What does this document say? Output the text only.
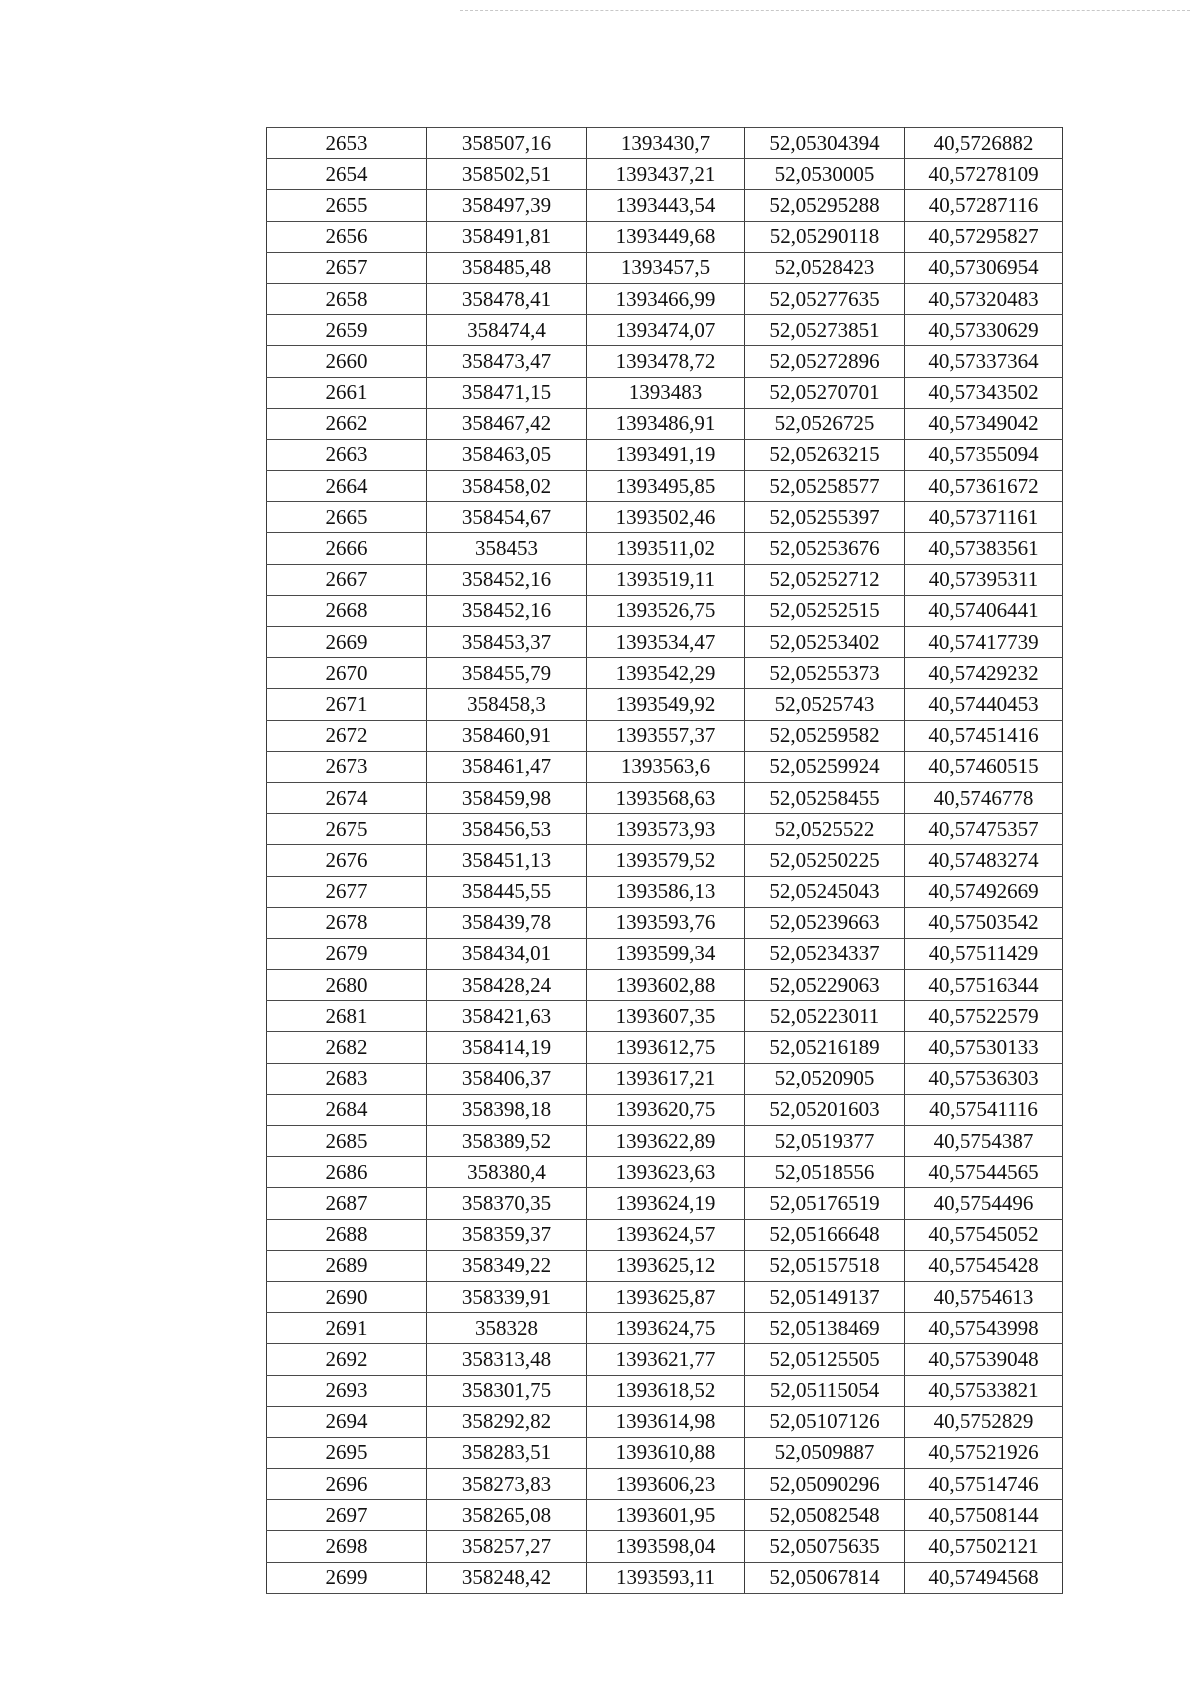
2653	358507,16	1393430,7	52,05304394	40,5726882
2654	358502,51	1393437,21	52,0530005	40,57278109
2655	358497,39	1393443,54	52,05295288	40,57287116
2656	358491,81	1393449,68	52,05290118	40,57295827
2657	358485,48	1393457,5	52,0528423	40,57306954
2658	358478,41	1393466,99	52,05277635	40,57320483
2659	358474,4	1393474,07	52,05273851	40,57330629
2660	358473,47	1393478,72	52,05272896	40,57337364
2661	358471,15	1393483	52,05270701	40,57343502
2662	358467,42	1393486,91	52,0526725	40,57349042
2663	358463,05	1393491,19	52,05263215	40,57355094
2664	358458,02	1393495,85	52,05258577	40,57361672
2665	358454,67	1393502,46	52,05255397	40,57371161
2666	358453	1393511,02	52,05253676	40,57383561
2667	358452,16	1393519,11	52,05252712	40,57395311
2668	358452,16	1393526,75	52,05252515	40,57406441
2669	358453,37	1393534,47	52,05253402	40,57417739
2670	358455,79	1393542,29	52,05255373	40,57429232
2671	358458,3	1393549,92	52,0525743	40,57440453
2672	358460,91	1393557,37	52,05259582	40,57451416
2673	358461,47	1393563,6	52,05259924	40,57460515
2674	358459,98	1393568,63	52,05258455	40,5746778
2675	358456,53	1393573,93	52,0525522	40,57475357
2676	358451,13	1393579,52	52,05250225	40,57483274
2677	358445,55	1393586,13	52,05245043	40,57492669
2678	358439,78	1393593,76	52,05239663	40,57503542
2679	358434,01	1393599,34	52,05234337	40,57511429
2680	358428,24	1393602,88	52,05229063	40,57516344
2681	358421,63	1393607,35	52,05223011	40,57522579
2682	358414,19	1393612,75	52,05216189	40,57530133
2683	358406,37	1393617,21	52,0520905	40,57536303
2684	358398,18	1393620,75	52,05201603	40,57541116
2685	358389,52	1393622,89	52,0519377	40,5754387
2686	358380,4	1393623,63	52,0518556	40,57544565
2687	358370,35	1393624,19	52,05176519	40,5754496
2688	358359,37	1393624,57	52,05166648	40,57545052
2689	358349,22	1393625,12	52,05157518	40,57545428
2690	358339,91	1393625,87	52,05149137	40,5754613
2691	358328	1393624,75	52,05138469	40,57543998
2692	358313,48	1393621,77	52,05125505	40,57539048
2693	358301,75	1393618,52	52,05115054	40,57533821
2694	358292,82	1393614,98	52,05107126	40,5752829
2695	358283,51	1393610,88	52,0509887	40,57521926
2696	358273,83	1393606,23	52,05090296	40,57514746
2697	358265,08	1393601,95	52,05082548	40,57508144
2698	358257,27	1393598,04	52,05075635	40,57502121
2699	358248,42	1393593,11	52,05067814	40,57494568
